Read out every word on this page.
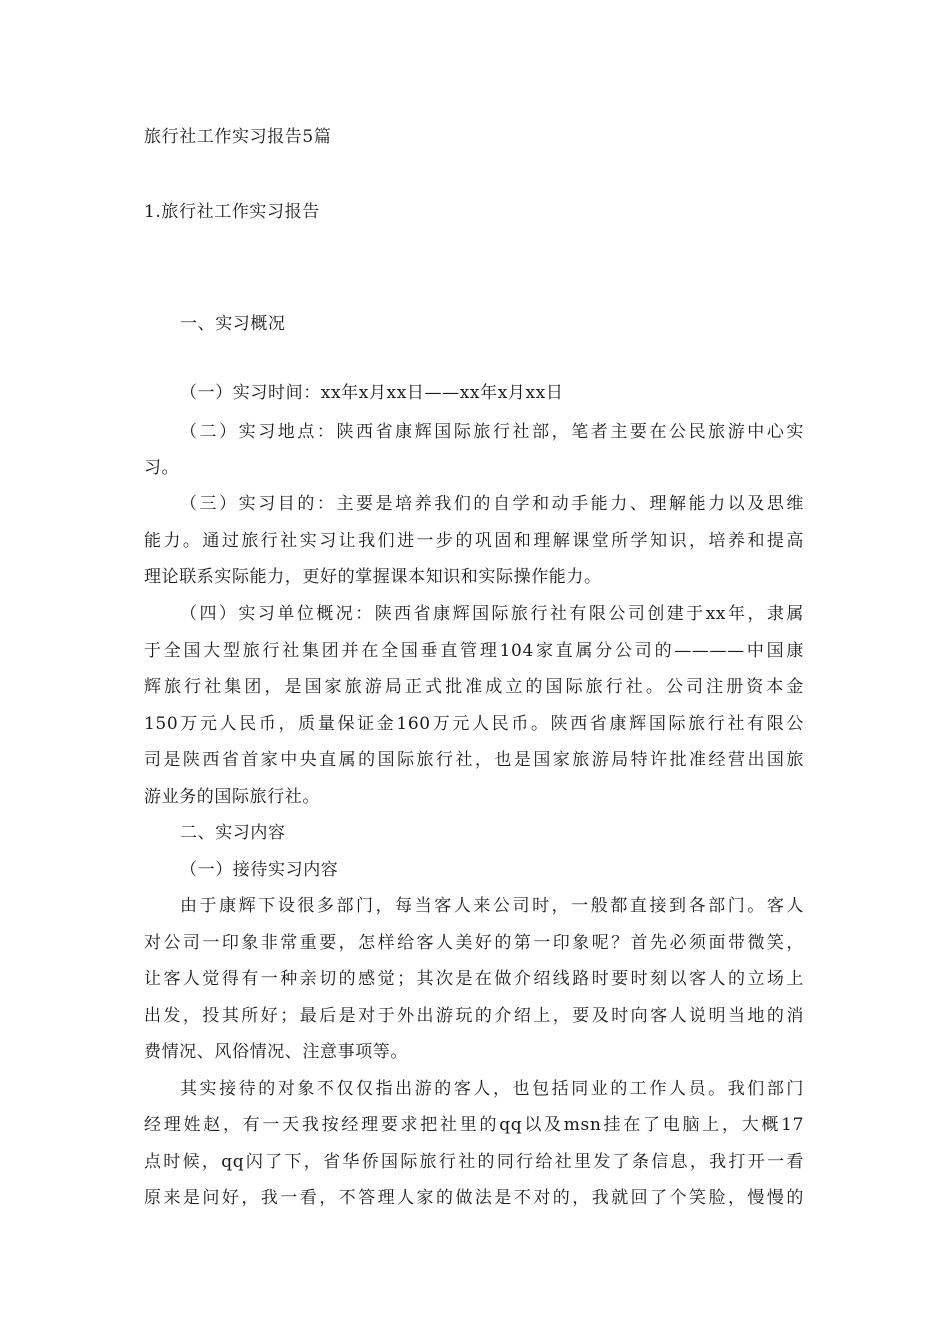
旅行社工作实习报告5篇
1.旅行社工作实习报告
一、实习概况
（一）实习时间：xx年x月xx日——xx年x月xx日
（二）实习地点：陕西省康辉国际旅行社部，笔者主要在公民旅游中心实
习。
（三）实习目的：主要是培养我们的自学和动手能力、理解能力以及思维
能力。通过旅行社实习让我们进一步的巩固和理解课堂所学知识，培养和提高
理论联系实际能力，更好的掌握课本知识和实际操作能力。
（四）实习单位概况：陕西省康辉国际旅行社有限公司创建于xx年，隶属
于全国大型旅行社集团并在全国垂直管理104家直属分公司的————中国康
辉旅行社集团，是国家旅游局正式批准成立的国际旅行社。公司注册资本金
150万元人民币，质量保证金160万元人民币。陕西省康辉国际旅行社有限公
司是陕西省首家中央直属的国际旅行社，也是国家旅游局特许批准经营出国旅
游业务的国际旅行社。
二、实习内容
（一）接待实习内容
由于康辉下设很多部门，每当客人来公司时，一般都直接到各部门。客人
对公司一印象非常重要，怎样给客人美好的第一印象呢？首先必须面带微笑，
让客人觉得有一种亲切的感觉；其次是在做介绍线路时要时刻以客人的立场上
出发，投其所好；最后是对于外出游玩的介绍上，要及时向客人说明当地的消
费情况、风俗情况、注意事项等。
其实接待的对象不仅仅指出游的客人，也包括同业的工作人员。我们部门
经理姓赵，有一天我按经理要求把社里的qq以及msn挂在了电脑上，大概17
点时候，qq闪了下，省华侨国际旅行社的同行给社里发了条信息，我打开一看
原来是问好，我一看，不答理人家的做法是不对的，我就回了个笑脸，慢慢的
